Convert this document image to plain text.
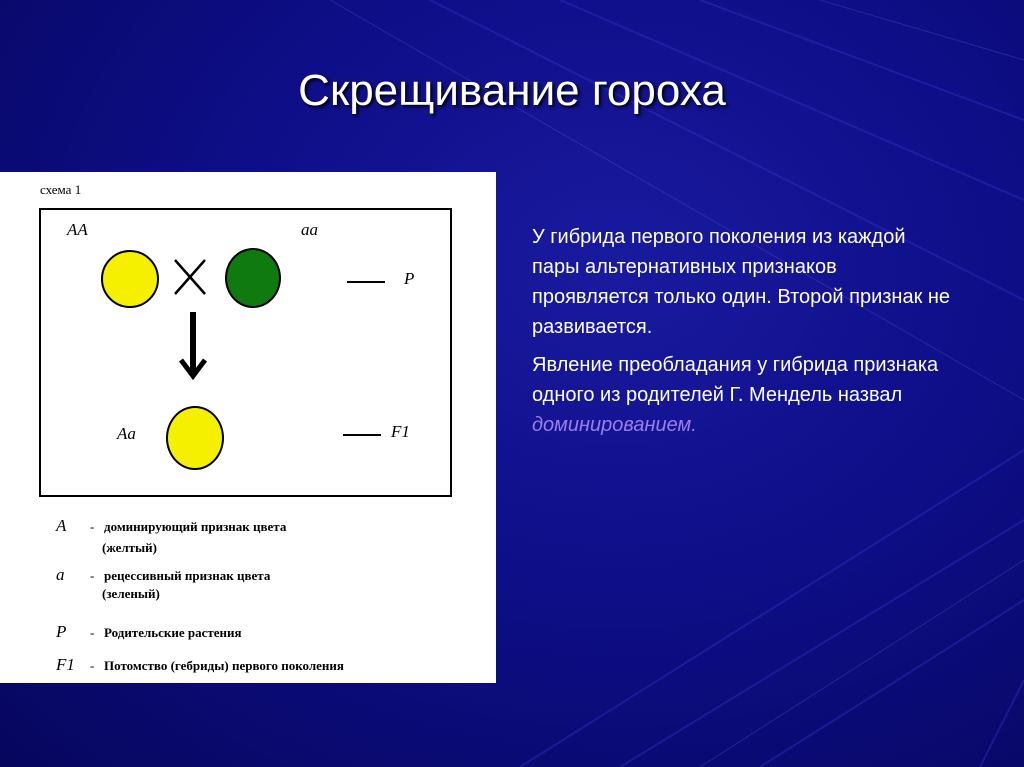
Скрещивание гороха
схема 1
AA	aa
P
Aa	F1
A - доминирующий признак цвета
(желтый)
a - рецессивный признак цвета
(зеленый)
P - Родительские растения
F1 - Потомство (гебриды) первого поколения

У гибрида первого поколения из каждой пары альтернативных признаков проявляется только один. Второй признак не развивается.

Явление преобладания у гибрида признака одного из родителей Г. Мендель назвал доминированием.
